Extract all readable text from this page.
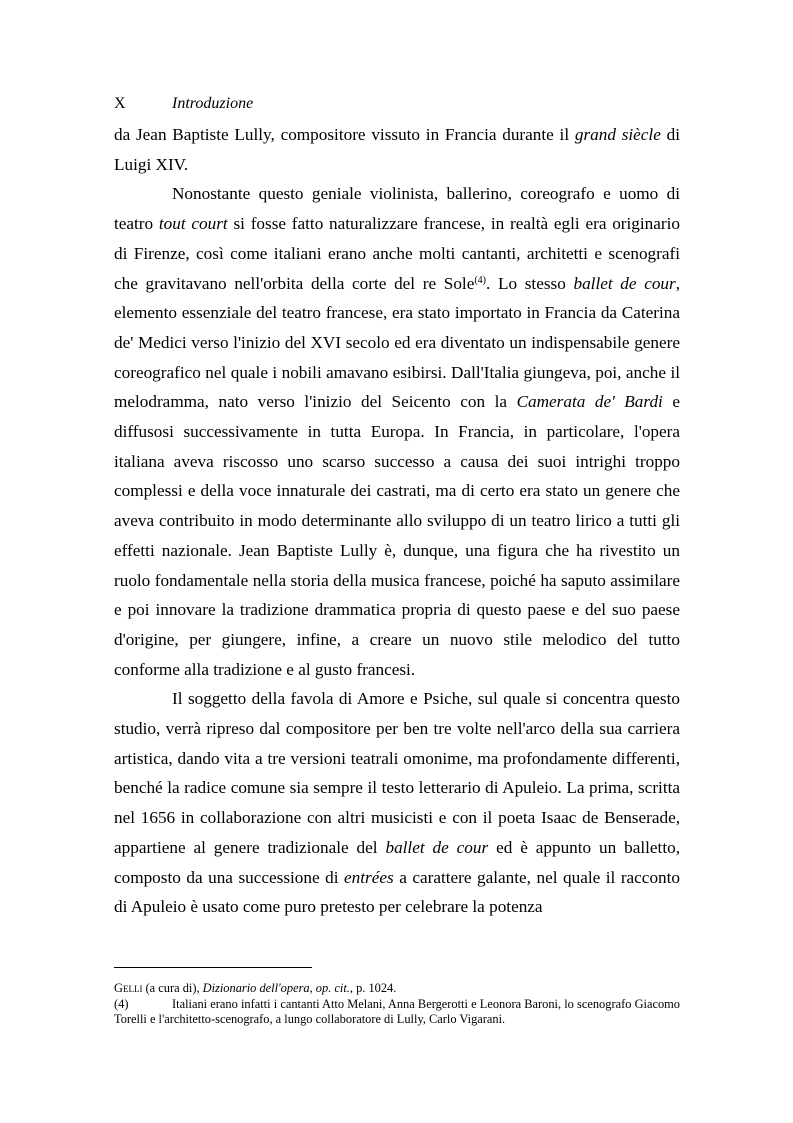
X	Introduzione

da Jean Baptiste Lully, compositore vissuto in Francia durante il grand siècle di Luigi XIV.

Nonostante questo geniale violinista, ballerino, coreografo e uomo di teatro tout court si fosse fatto naturalizzare francese, in realtà egli era originario di Firenze, così come italiani erano anche molti cantanti, architetti e scenografi che gravitavano nell'orbita della corte del re Sole$^{(4)}$. Lo stesso ballet de cour, elemento essenziale del teatro francese, era stato importato in Francia da Caterina de' Medici verso l'inizio del XVI secolo ed era diventato un indispensabile genere coreografico nel quale i nobili amavano esibirsi. Dall'Italia giungeva, poi, anche il melodramma, nato verso l'inizio del Seicento con la Camerata de' Bardi e diffusosi successivamente in tutta Europa. In Francia, in particolare, l'opera italiana aveva riscosso uno scarso successo a causa dei suoi intrighi troppo complessi e della voce innaturale dei castrati, ma di certo era stato un genere che aveva contribuito in modo determinante allo sviluppo di un teatro lirico a tutti gli effetti nazionale. Jean Baptiste Lully è, dunque, una figura che ha rivestito un ruolo fondamentale nella storia della musica francese, poiché ha saputo assimilare e poi innovare la tradizione drammatica propria di questo paese e del suo paese d'origine, per giungere, infine, a creare un nuovo stile melodico del tutto conforme alla tradizione e al gusto francesi.

Il soggetto della favola di Amore e Psiche, sul quale si concentra questo studio, verrà ripreso dal compositore per ben tre volte nell'arco della sua carriera artistica, dando vita a tre versioni teatrali omonime, ma profondamente differenti, benché la radice comune sia sempre il testo letterario di Apuleio. La prima, scritta nel 1656 in collaborazione con altri musicisti e con il poeta Isaac de Benserade, appartiene al genere tradizionale del ballet de cour ed è appunto un balletto, composto da una successione di entrées a carattere galante, nel quale il racconto di Apuleio è usato come puro pretesto per celebrare la potenza

Gelli (a cura di), Dizionario dell'opera, op. cit., p. 1024.

(4)	Italiani erano infatti i cantanti Atto Melani, Anna Bergerotti e Leonora Baroni, lo scenografo Giacomo Torelli e l'architetto-scenografo, a lungo collaboratore di Lully, Carlo Vigarani.
